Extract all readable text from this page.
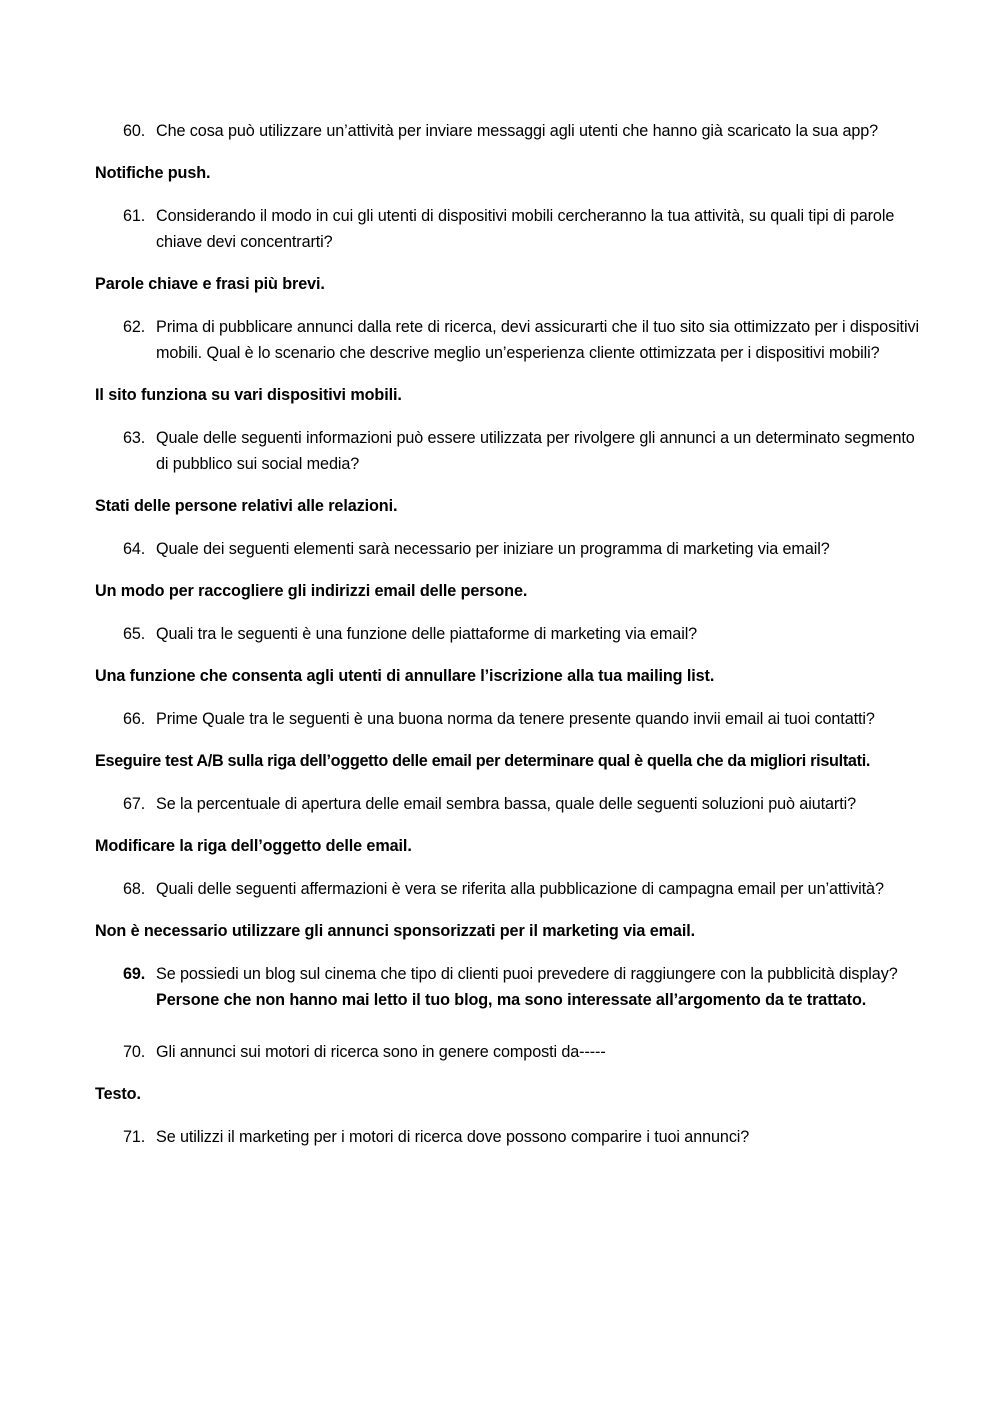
60. Che cosa può utilizzare un’attività per inviare messaggi agli utenti che hanno già scaricato la sua app?

Notifiche push.

61. Considerando il modo in cui gli utenti di dispositivi mobili cercheranno la tua attività, su quali tipi di parole chiave devi concentrarti?

Parole chiave e frasi più brevi.

62. Prima di pubblicare annunci dalla rete di ricerca, devi assicurarti che il tuo sito sia ottimizzato per i dispositivi mobili. Qual è lo scenario che descrive meglio un’esperienza cliente ottimizzata per i dispositivi mobili?

Il sito funziona su vari dispositivi mobili.

63. Quale delle seguenti informazioni può essere utilizzata per rivolgere gli annunci a un determinato segmento di pubblico sui social media?

Stati delle persone relativi alle relazioni.

64. Quale dei seguenti elementi sarà necessario per iniziare un programma di marketing via email?

Un modo per raccogliere gli indirizzi email delle persone.

65. Quali tra le seguenti è una funzione delle piattaforme di marketing via email?

Una funzione che consenta agli utenti di annullare l’iscrizione alla tua mailing list.

66. Prime Quale tra le seguenti è una buona norma da tenere presente quando invii email ai tuoi contatti?

Eseguire test A/B sulla riga dell’oggetto delle email per determinare qual è quella che da migliori risultati.

67. Se la percentuale di apertura delle email sembra bassa, quale delle seguenti soluzioni può aiutarti?

Modificare la riga dell’oggetto delle email.

68. Quali delle seguenti affermazioni è vera se riferita alla pubblicazione di campagna email per un’attività?

Non è necessario utilizzare gli annunci sponsorizzati per il marketing via email.

69. Se possiedi un blog sul cinema che tipo di clienti puoi prevedere di raggiungere con la pubblicità display?

Persone che non hanno mai letto il tuo blog, ma sono interessate all’argomento da te trattato.

70. Gli annunci sui motori di ricerca sono in genere composti da-----

Testo.

71. Se utilizzi il marketing per i motori di ricerca dove possono comparire i tuoi annunci?
